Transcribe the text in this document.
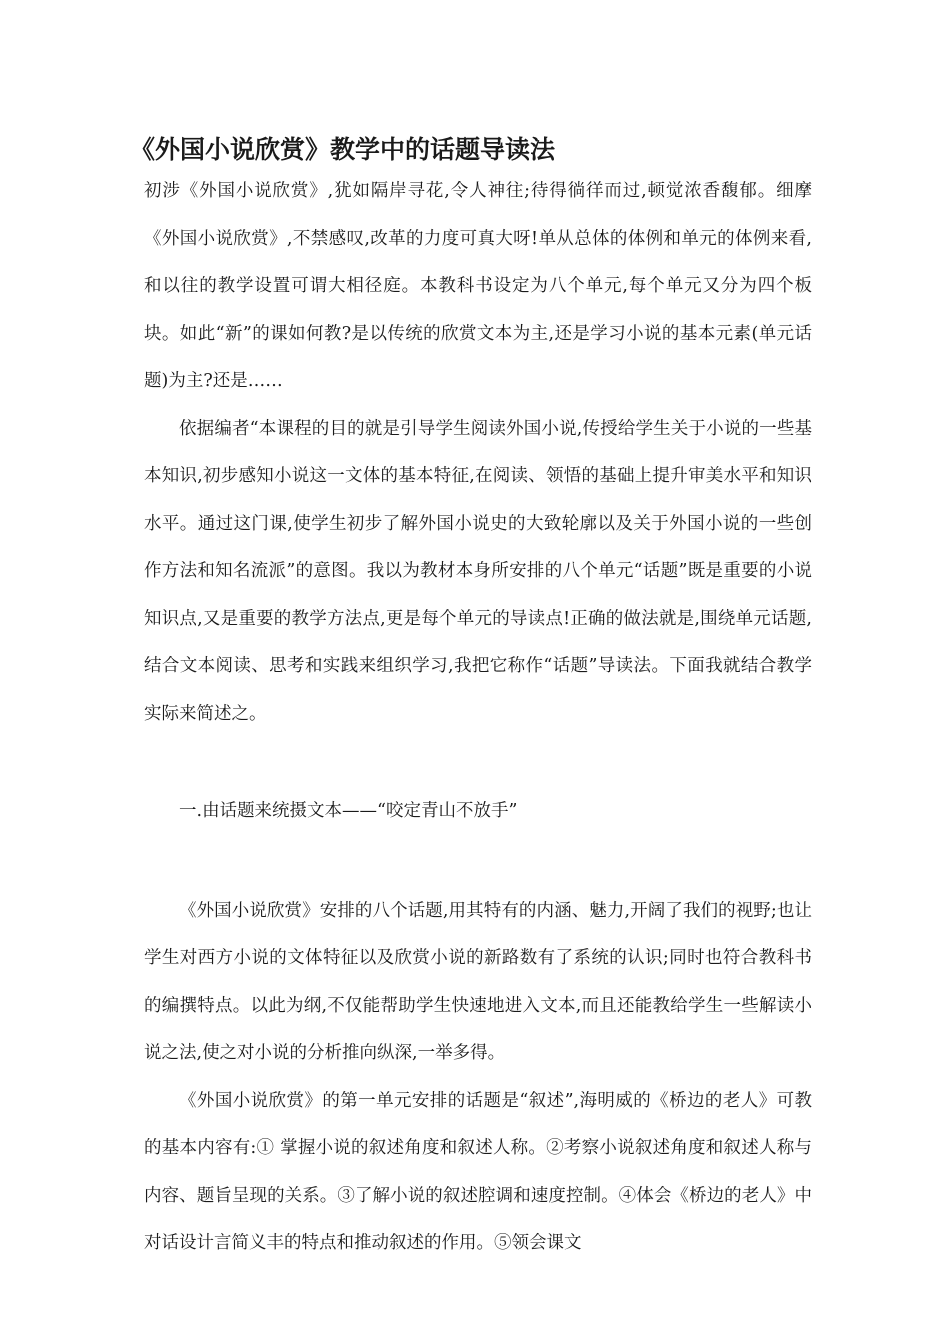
《外国小说欣赏》教学中的话题导读法

初涉《外国小说欣赏》,犹如隔岸寻花,令人神往;待得徜徉而过,顿觉浓香馥郁。细摩《外国小说欣赏》,不禁感叹,改革的力度可真大呀!单从总体的体例和单元的体例来看,和以往的教学设置可谓大相径庭。本教科书设定为八个单元,每个单元又分为四个板块。如此“新”的课如何教?是以传统的欣赏文本为主,还是学习小说的基本元素(单元话题)为主?还是……

依据编者“本课程的目的就是引导学生阅读外国小说,传授给学生关于小说的一些基本知识,初步感知小说这一文体的基本特征,在阅读、领悟的基础上提升审美水平和知识水平。通过这门课,使学生初步了解外国小说史的大致轮廓以及关于外国小说的一些创作方法和知名流派”的意图。我以为教材本身所安排的八个单元“话题”既是重要的小说知识点,又是重要的教学方法点,更是每个单元的导读点!正确的做法就是,围绕单元话题,结合文本阅读、思考和实践来组织学习,我把它称作“话题”导读法。下面我就结合教学实际来简述之。

一.由话题来统摄文本——“咬定青山不放手”

《外国小说欣赏》安排的八个话题,用其特有的内涵、魅力,开阔了我们的视野;也让学生对西方小说的文体特征以及欣赏小说的新路数有了系统的认识;同时也符合教科书的编撰特点。以此为纲,不仅能帮助学生快速地进入文本,而且还能教给学生一些解读小说之法,使之对小说的分析推向纵深,一举多得。

《外国小说欣赏》的第一单元安排的话题是“叙述”,海明威的《桥边的老人》可教的基本内容有:① 掌握小说的叙述角度和叙述人称。②考察小说叙述角度和叙述人称与内容、题旨呈现的关系。③了解小说的叙述腔调和速度控制。④体会《桥边的老人》中对话设计言简义丰的特点和推动叙述的作用。⑤领会课文
